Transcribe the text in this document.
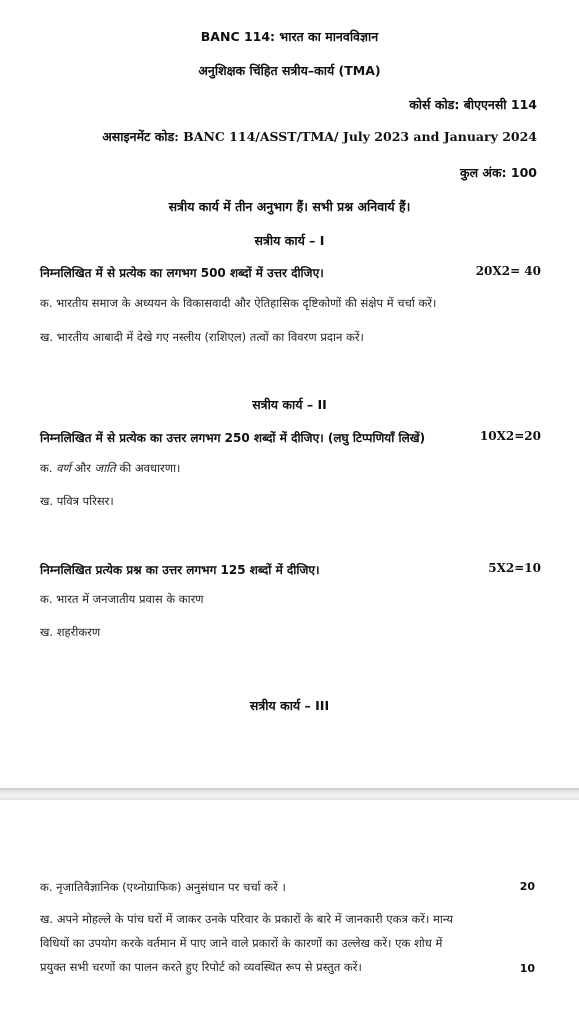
BANC 114: भारत का मानवविज्ञान
अनुशिक्षक चिंहित सत्रीय–कार्य (TMA)
कोर्स कोड: बीएएनसी 114
असाइनमेंट कोड: BANC 114/ASST/TMA/ July 2023 and January 2024
कुल अंक: 100
सत्रीय कार्य में तीन अनुभाग हैं। सभी प्रश्न अनिवार्य हैं।
सत्रीय कार्य – I
निम्नलिखित में से प्रत्येक का लगभग 500 शब्दों में उत्तर दीजिए।	20X2= 40
क. भारतीय समाज के अध्ययन के विकासवादी और ऐतिहासिक दृष्टिकोणों की संक्षेप में चर्चा करें।
ख. भारतीय आबादी में देखे गए नस्लीय (राशिएल) तत्वों का विवरण प्रदान करें।
सत्रीय कार्य – II
निम्नलिखित में से प्रत्येक का उत्तर लगभग 250 शब्दों में दीजिए। (लघु टिप्पणियाँ लिखें)	10X2=20
क. वर्ण और जाति की अवधारणा।
ख. पवित्र परिसर।
निम्नलिखित प्रत्येक प्रश्न का उत्तर लगभग 125 शब्दों में दीजिए।	5X2=10
क. भारत में जनजातीय प्रवास के कारण
ख. शहरीकरण
सत्रीय कार्य – III
क. नृजातिवैज्ञानिक (एथ्नोग्राफिक) अनुसंधान पर चर्चा करें ।	20
ख. अपने मोहल्ले के पांच घरों में जाकर उनके परिवार के प्रकारों के बारे में जानकारी एकत्र करें। मान्य
विधियों का उपयोग करके वर्तमान में पाए जाने वाले प्रकारों के कारणों का उल्लेख करें। एक शोध में
प्रयुक्त सभी चरणों का पालन करते हुए रिपोर्ट को व्यवस्थित रूप से प्रस्तुत करें।	10
